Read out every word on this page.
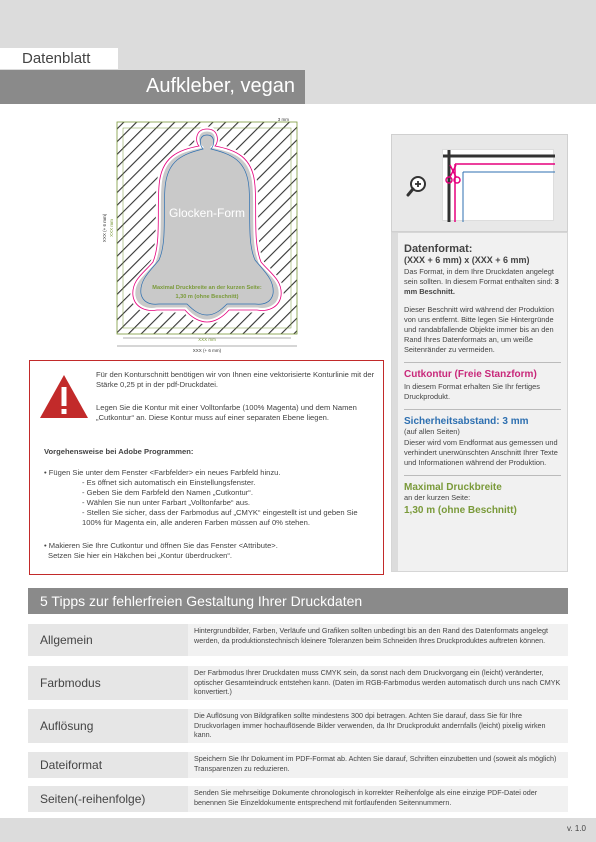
Datenblatt
Aufkleber, vegan
Glocken-Form
Maximal Druckbreite an der kurzen Seite:
1,30 m (ohne Beschnitt)
3 mm
XXX mm
XXX (+ 6 mm)
XXX (+ 6 mm) XXX mm
Datenformat:
(XXX + 6 mm) x (XXX + 6 mm)
Das Format, in dem Ihre Druckdaten angelegt sein sollten. In diesem Format enthalten sind: 3 mm Beschnitt.
Dieser Beschnitt wird während der Produktion von uns entfernt. Bitte legen Sie Hintergründe und randabfallende Objekte immer bis an den Rand Ihres Datenformats an, um weiße Seitenränder zu vermeiden.
Cutkontur (Freie Stanzform)
In diesem Format erhalten Sie Ihr fertiges Druckprodukt.
Sicherheitsabstand: 3 mm
(auf allen Seiten)
Dieser wird vom Endformat aus gemessen und verhindert unerwünschten Anschnitt Ihrer Texte und Informationen während der Produktion.
Maximal Druckbreite
an der kurzen Seite:
1,30 m (ohne Beschnitt)
Für den Konturschnitt benötigen wir von Ihnen eine vektorisierte Konturlinie mit der Stärke 0,25 pt in der pdf-Druckdatei.
Legen Sie die Kontur mit einer Volltonfarbe (100% Magenta) und dem Namen „Cutkontur“ an. Diese Kontur muss auf einer separaten Ebene liegen.
Vorgehensweise bei Adobe Programmen:
• Fügen Sie unter dem Fenster <Farbfelder> ein neues Farbfeld hinzu.
- Es öffnet sich automatisch ein Einstellungsfenster.
- Geben Sie dem Farbfeld den Namen „Cutkontur“.
- Wählen Sie nun unter Farbart „Volltonfarbe“ aus.
- Stellen Sie sicher, dass der Farbmodus auf „CMYK“ eingestellt ist und geben Sie 100% für Magenta ein, alle anderen Farben müssen auf 0% stehen.
• Makieren Sie Ihre Cutkontur und öffnen Sie das Fenster <Attribute>.
Setzen Sie hier ein Häkchen bei „Kontur überdrucken“.
5 Tipps zur fehlerfreien Gestaltung Ihrer Druckdaten
Allgemein
Hintergrundbilder, Farben, Verläufe und Grafiken sollten unbedingt bis an den Rand des Datenformats angelegt werden, da produktionstechnisch kleinere Toleranzen beim Schneiden Ihres Druckproduktes auftreten können.
Farbmodus
Der Farbmodus Ihrer Druckdaten muss CMYK sein, da sonst nach dem Druckvorgang ein (leicht) veränderter, optischer Gesamteindruck entstehen kann. (Daten im RGB-Farbmodus werden automatisch durch uns nach CMYK konvertiert.)
Auflösung
Die Auflösung von Bildgrafiken sollte mindestens 300 dpi betragen. Achten Sie darauf, dass Sie für Ihre Druckvorlagen immer hochauflösende Bilder verwenden, da Ihr Druckprodukt andernfalls (leicht) pixelig wirken kann.
Dateiformat	Speichern Sie Ihr Dokument im PDF-Format ab. Achten Sie darauf, Schriften einzubetten und (soweit als möglich) Transparenzen zu reduzieren.
Seiten(-reihenfolge)	Senden Sie mehrseitige Dokumente chronologisch in korrekter Reihenfolge als eine einzige PDF-Datei oder benennen Sie Einzeldokumente entsprechend mit fortlaufenden Seitennummern.
v. 1.0
